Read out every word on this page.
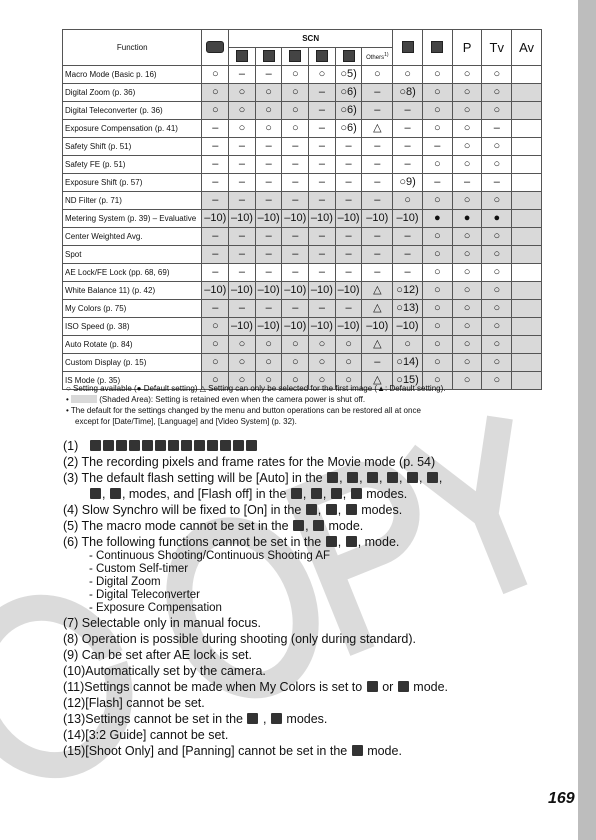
Function		SCN								P	Tv	Av
							Others$^{1)}$
Macro Mode (Basic p. 16)	○	–	–	○	○	○5)	○	○	○	○	○	
Digital Zoom (p. 36)	○	○	○	○	–	○6)	–	○8)	○	○	○	
Digital Teleconverter (p. 36)	○	○	○	○	–	○6)	–	–	○	○	○	
Exposure Compensation (p. 41)	–	○	○	○	–	○6)	△	–	○	○	–	
Safety Shift (p. 51)	–	–	–	–	–	–	–	–	–	○	○	
Safety FE (p. 51)	–	–	–	–	–	–	–	–	○	○	○	
Exposure Shift (p. 57)	–	–	–	–	–	–	–	○9)	–	–	–	
ND Filter (p. 71)	–	–	–	–	–	–	–	○	○	○	○	
Metering System (p. 39) – Evaluative	–10)	–10)	–10)	–10)	–10)	–10)	–10)	–10)	●	●	●	
Center Weighted Avg.	–	–	–	–	–	–	–	–	○	○	○	
Spot	–	–	–	–	–	–	–	–	○	○	○	
AE Lock/FE Lock (pp. 68, 69)	–	–	–	–	–	–	–	–	○	○	○	
White Balance 11) (p. 42)	–10)	–10)	–10)	–10)	–10)	–10)	△	○12)	○	○	○	
My Colors (p. 75)	–	–	–	–	–	–	△	○13)	○	○	○	
ISO Speed (p. 38)	○	–10)	–10)	–10)	–10)	–10)	–10)	–10)	○	○	○	
Auto Rotate (p. 84)	○	○	○	○	○	○	△	○	○	○	○	
Custom Display (p. 15)	○	○	○	○	○	○	–	○14)	○	○	○	
IS Mode (p. 35)	○	○	○	○	○	○	△	○15)	○	○	○	
○ Setting available (● Default setting) △ Setting can only be selected for the first image (▲: Default setting).
•	(Shaded Area): Setting is retained even when the camera power is shut off.
• The default for the settings changed by the menu and button operations can be restored all at once
except for [Date/Time], [Language] and [Video System] (p. 32).
(1)
(2) The recording pixels and frame rates for the Movie mode (p. 54)
(3) The default flash setting will be [Auto] in the , , , , , ,
, , modes, and [Flash off] in the , , ,  modes.
(4) Slow Synchro will be fixed to [On] in the , ,  modes.
(5) The macro mode cannot be set in the ,  mode.
(6) The following functions cannot be set in the , , mode.
- Continuous Shooting/Continuous Shooting AF
- Custom Self-timer
- Digital Zoom
- Digital Teleconverter
- Exposure Compensation
(7) Selectable only in manual focus.
(8) Operation is possible during shooting (only during standard).
(9) Can be set after AE lock is set.
(10)Automatically set by the camera.
(11)Settings cannot be made when My Colors is set to or mode.
(12)[Flash] cannot be set.
(13)Settings cannot be set in the , modes.
(14)[3:2 Guide] cannot be set.
(15)[Shoot Only] and [Panning] cannot be set in the mode.
169
